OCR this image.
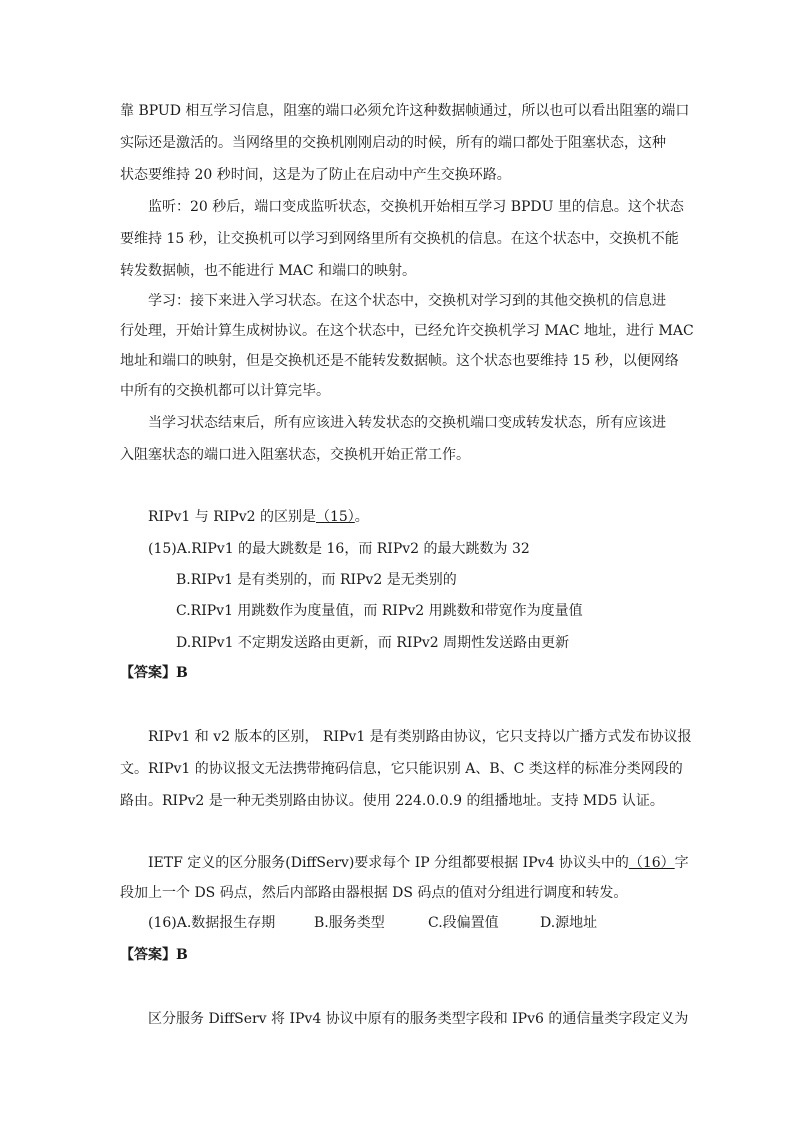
靠 BPUD 相互学习信息，阻塞的端口必须允许这种数据帧通过，所以也可以看出阻塞的端口
实际还是激活的。当网络里的交换机刚刚启动的时候，所有的端口都处于阻塞状态，这种
状态要维持 20 秒时间，这是为了防止在启动中产生交换环路。
监听：20 秒后，端口变成监听状态，交换机开始相互学习 BPDU 里的信息。这个状态
要维持 15 秒，让交换机可以学习到网络里所有交换机的信息。在这个状态中，交换机不能
转发数据帧，也不能进行 MAC 和端口的映射。
学习：接下来进入学习状态。在这个状态中，交换机对学习到的其他交换机的信息进
行处理，开始计算生成树协议。在这个状态中，已经允许交换机学习 MAC 地址，进行 MAC
地址和端口的映射，但是交换机还是不能转发数据帧。这个状态也要维持 15 秒，以便网络
中所有的交换机都可以计算完毕。
当学习状态结束后，所有应该进入转发状态的交换机端口变成转发状态，所有应该进
入阻塞状态的端口进入阻塞状态，交换机开始正常工作。
RIPv1 与 RIPv2 的区别是（15）。
(15)A.RIPv1 的最大跳数是 16，而 RIPv2 的最大跳数为 32
B.RIPv1 是有类别的，而 RIPv2 是无类别的
C.RIPv1 用跳数作为度量值，而 RIPv2 用跳数和带宽作为度量值
D.RIPv1 不定期发送路由更新，而 RIPv2 周期性发送路由更新
【答案】B
RIPv1 和 v2 版本的区别， RIPv1 是有类别路由协议，它只支持以广播方式发布协议报
文。RIPv1 的协议报文无法携带掩码信息，它只能识别 A、B、C 类这样的标准分类网段的
路由。RIPv2 是一种无类别路由协议。使用 224.0.0.9 的组播地址。支持 MD5 认证。
IETF 定义的区分服务(DiffServ)要求每个 IP 分组都要根据 IPv4 协议头中的（16）字
段加上一个 DS 码点，然后内部路由器根据 DS 码点的值对分组进行调度和转发。
(16)A.数据报生存期	B.服务类型	C.段偏置值	D.源地址
【答案】B
区分服务 DiffServ 将 IPv4 协议中原有的服务类型字段和 IPv6 的通信量类字段定义为
